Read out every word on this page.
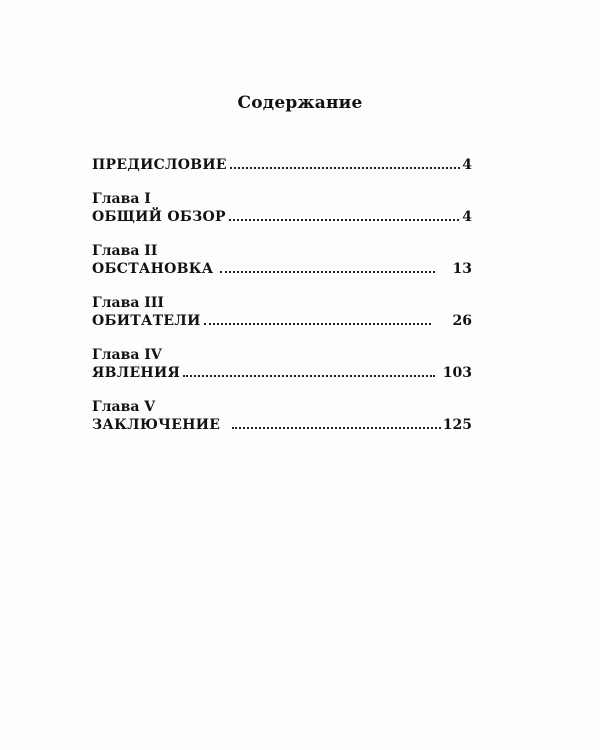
Содержание
ПРЕДИСЛОВИЕ	4
Глава I
ОБЩИЙ ОБЗОР	4
Глава II
ОБСТАНОВКА	13
Глава III
ОБИТАТЕЛИ	26
Глава IV
ЯВЛЕНИЯ	103
Глава V
ЗАКЛЮЧЕНИЕ	125
